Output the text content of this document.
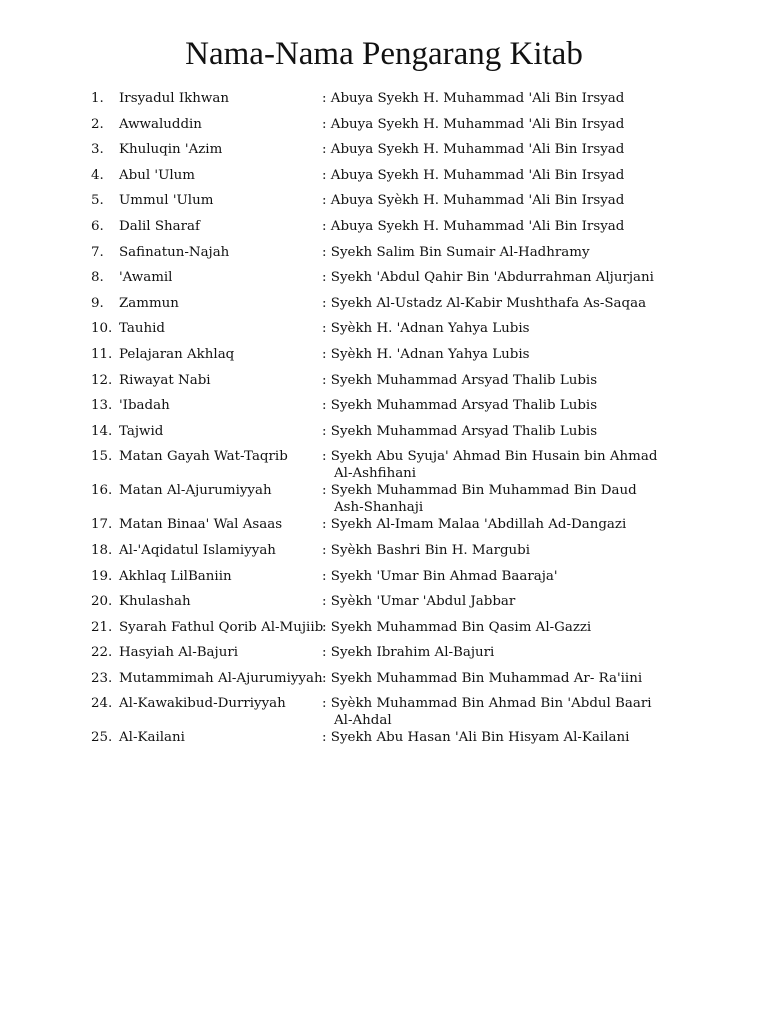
Nama-Nama Pengarang Kitab
1. Irsyadul Ikhwan	: Abuya Syekh H. Muhammad 'Ali Bin Irsyad
2. Awwaluddin	: Abuya Syekh H. Muhammad 'Ali Bin Irsyad
3. Khuluqin 'Azim	: Abuya Syekh H. Muhammad 'Ali Bin Irsyad
4. Abul 'Ulum	: Abuya Syekh H. Muhammad 'Ali Bin Irsyad
5. Ummul 'Ulum	: Abuya Syèkh H. Muhammad 'Ali Bin Irsyad
6. Dalil Sharaf	: Abuya Syekh H. Muhammad 'Ali Bin Irsyad
7. Safinatun-Najah	: Syekh Salim Bin Sumair Al-Hadhramy
8. 'Awamil	: Syekh 'Abdul Qahir Bin 'Abdurrahman Aljurjani
9. Zammun	: Syekh Al-Ustadz Al-Kabir Mushthafa As-Saqaa
10. Tauhid	: Syèkh H. 'Adnan Yahya Lubis
11. Pelajaran Akhlaq	: Syèkh H. 'Adnan Yahya Lubis
12. Riwayat Nabi	: Syekh Muhammad Arsyad Thalib Lubis
13. 'Ibadah	: Syekh Muhammad Arsyad Thalib Lubis
14. Tajwid	: Syekh Muhammad Arsyad Thalib Lubis
15. Matan Gayah Wat-Taqrib	: Syekh Abu Syuja' Ahmad Bin Husain bin Ahmad
Al-Ashfihani
16. Matan Al-Ajurumiyyah	: Syekh Muhammad Bin Muhammad Bin Daud
Ash-Shanhaji
17. Matan Binaa' Wal Asaas	: Syekh Al-Imam Malaa 'Abdillah Ad-Dangazi
18. Al-'Aqidatul Islamiyyah	: Syèkh Bashri Bin H. Margubi
19. Akhlaq LilBaniin	: Syekh 'Umar Bin Ahmad Baaraja'
20. Khulashah	: Syèkh 'Umar 'Abdul Jabbar
21. Syarah Fathul Qorib Al-Mujiib
: Syekh Muhammad Bin Qasim Al-Gazzi
22. Hasyiah Al-Bajuri	: Syekh Ibrahim Al-Bajuri
23. Mutammimah Al-Ajurumiyyah : Syekh Muhammad Bin Muhammad Ar- Ra'iini
24. Al-Kawakibud-Durriyyah	: Syèkh Muhammad Bin Ahmad Bin 'Abdul Baari
Al-Ahdal
25. Al-Kailani	: Syekh Abu Hasan 'Ali Bin Hisyam Al-Kailani
